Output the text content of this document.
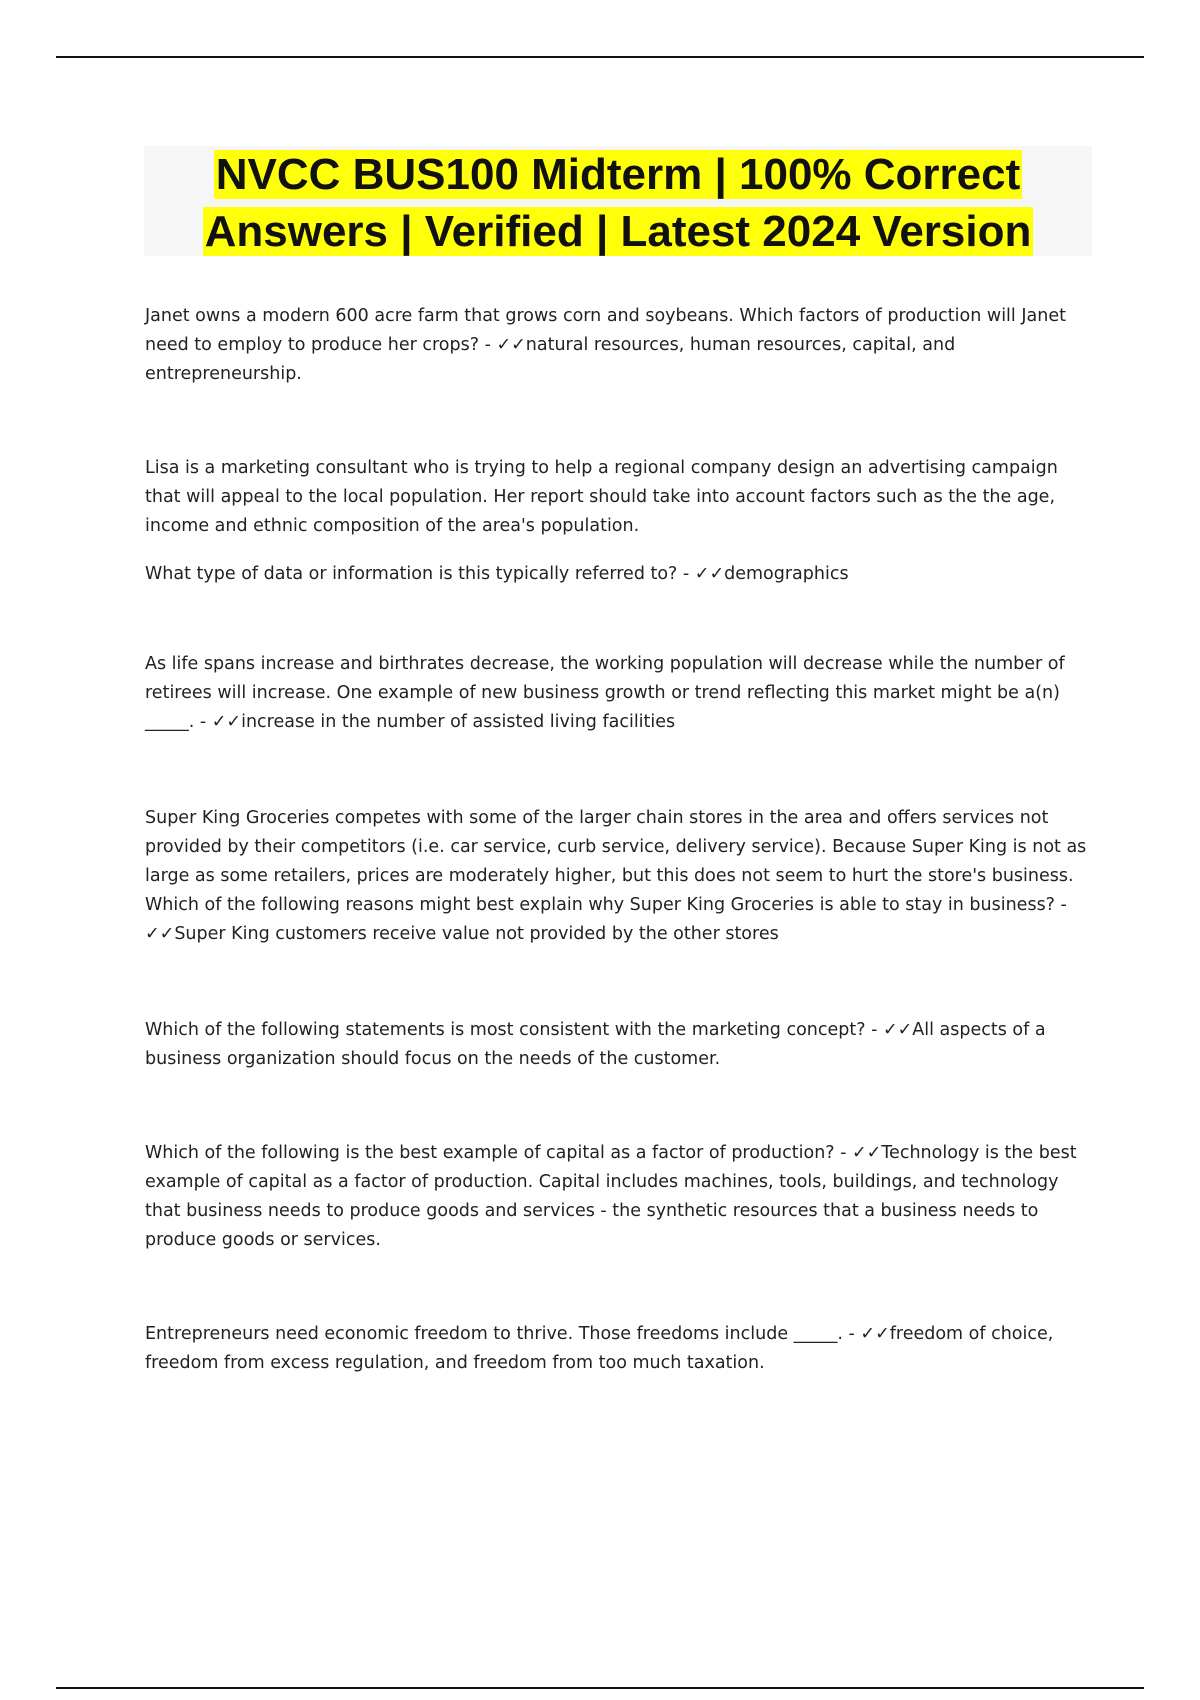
NVCC BUS100 Midterm | 100% Correct
Answers | Verified | Latest 2024 Version

Janet owns a modern 600 acre farm that grows corn and soybeans. Which factors of production will Janet need to employ to produce her crops? - ✓✓natural resources, human resources, capital, and entrepreneurship.

Lisa is a marketing consultant who is trying to help a regional company design an advertising campaign that will appeal to the local population. Her report should take into account factors such as the the age, income and ethnic composition of the area's population.

What type of data or information is this typically referred to? - ✓✓demographics

As life spans increase and birthrates decrease, the working population will decrease while the number of retirees will increase. One example of new business growth or trend reflecting this market might be a(n) _____. - ✓✓increase in the number of assisted living facilities

Super King Groceries competes with some of the larger chain stores in the area and offers services not provided by their competitors (i.e. car service, curb service, delivery service). Because Super King is not as large as some retailers, prices are moderately higher, but this does not seem to hurt the store's business. Which of the following reasons might best explain why Super King Groceries is able to stay in business? - ✓✓Super King customers receive value not provided by the other stores

Which of the following statements is most consistent with the marketing concept? - ✓✓All aspects of a business organization should focus on the needs of the customer.

Which of the following is the best example of capital as a factor of production? - ✓✓Technology is the best example of capital as a factor of production. Capital includes machines, tools, buildings, and technology that business needs to produce goods and services - the synthetic resources that a business needs to produce goods or services.

Entrepreneurs need economic freedom to thrive. Those freedoms include _____. - ✓✓freedom of choice, freedom from excess regulation, and freedom from too much taxation.
